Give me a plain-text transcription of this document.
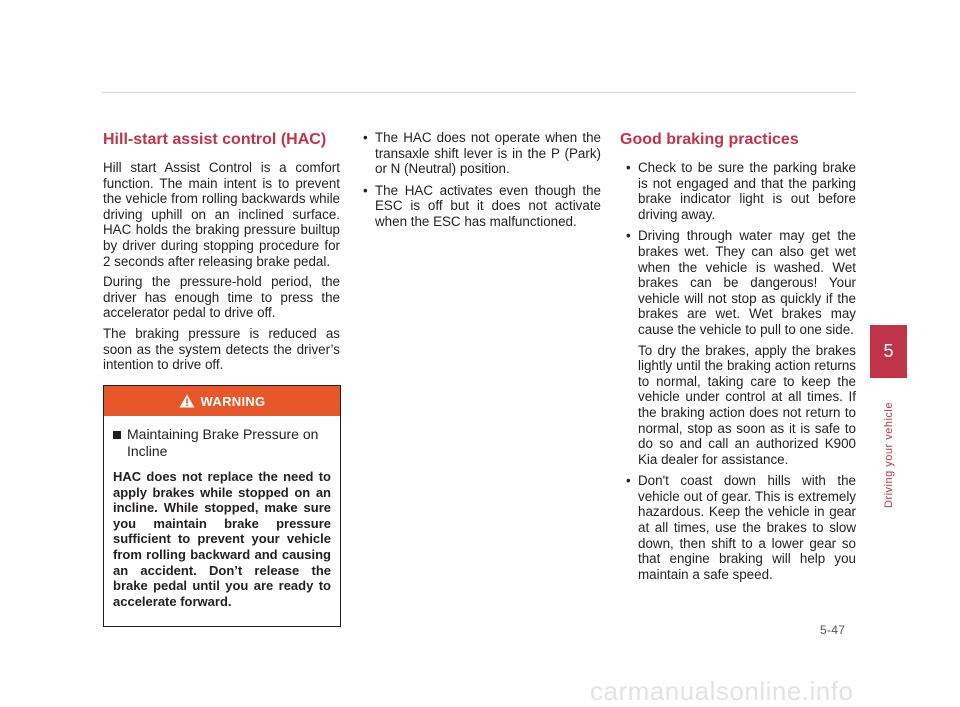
Hill-start assist control (HAC)

Hill start Assist Control is a comfort function. The main intent is to prevent the vehicle from rolling backwards while driving uphill on an inclined surface. HAC holds the braking pressure builtup by driver during stopping procedure for 2 seconds after releasing brake pedal.

During the pressure-hold period, the driver has enough time to press the accelerator pedal to drive off.

The braking pressure is reduced as soon as the system detects the driver’s intention to drive off.

WARNING
Maintaining Brake Pressure on Incline
HAC does not replace the need to apply brakes while stopped on an incline. While stopped, make sure you maintain brake pressure sufficient to prevent your vehicle from rolling backward and causing an accident. Don’t release the brake pedal until you are ready to accelerate forward.
• The HAC does not operate when the transaxle shift lever is in the P (Park) or N (Neutral) position.
• The HAC activates even though the ESC is off but it does not activate when the ESC has malfunctioned.
Good braking practices
• Check to be sure the parking brake is not engaged and that the parking brake indicator light is out before driving away.
• Driving through water may get the brakes wet. They can also get wet when the vehicle is washed. Wet brakes can be dangerous! Your vehicle will not stop as quickly if the brakes are wet. Wet brakes may cause the vehicle to pull to one side.
To dry the brakes, apply the brakes lightly until the braking action returns to normal, taking care to keep the vehicle under control at all times. If the braking action does not return to normal, stop as soon as it is safe to do so and call an authorized K900 Kia dealer for assistance.
• Don't coast down hills with the vehicle out of gear. This is extremely hazardous. Keep the vehicle in gear at all times, use the brakes to slow down, then shift to a lower gear so that engine braking will help you maintain a safe speed.
5
Driving your vehicle
5-47
carmanualsonline.info
